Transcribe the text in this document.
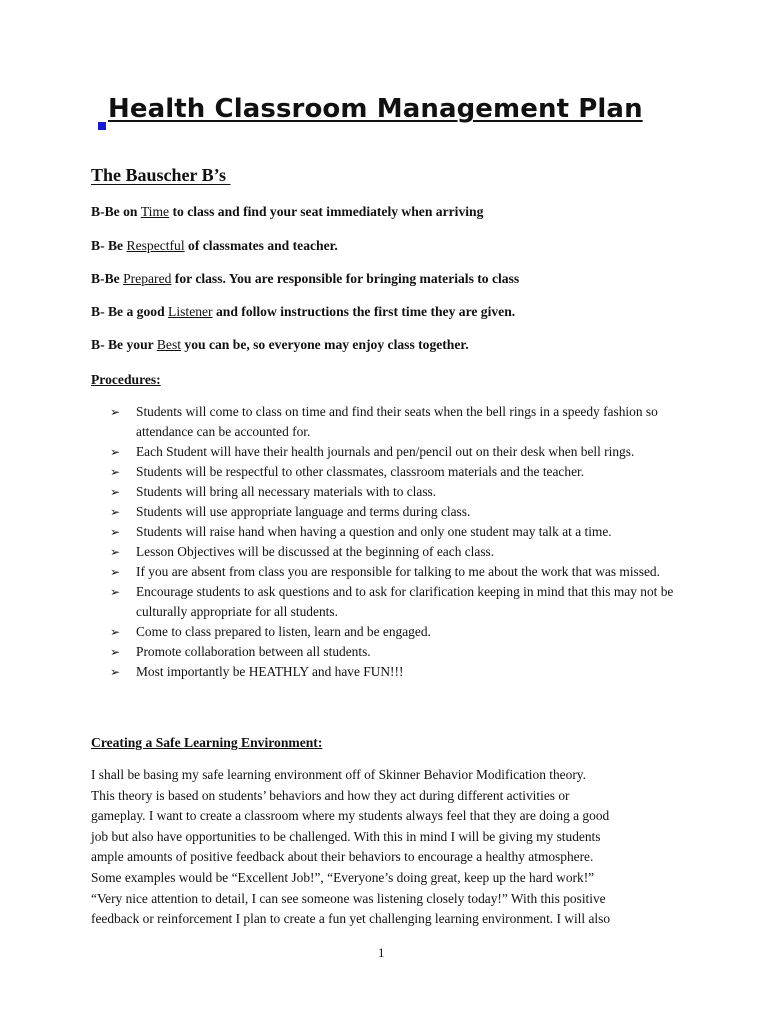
Health Classroom Management Plan
The Bauscher B’s

B-Be on Time to class and find your seat immediately when arriving

B- Be Respectful of classmates and teacher.

B-Be Prepared for class. You are responsible for bringing materials to class

B- Be a good Listener and follow instructions the first time they are given.

B- Be your Best you can be, so everyone may enjoy class together.

Procedures:
➢ Students will come to class on time and find their seats when the bell rings in a speedy fashion so attendance can be accounted for.
➢ Each Student will have their health journals and pen/pencil out on their desk when bell rings.
➢ Students will be respectful to other classmates, classroom materials and the teacher.
➢ Students will bring all necessary materials with to class.
➢ Students will use appropriate language and terms during class.
➢ Students will raise hand when having a question and only one student may talk at a time.
➢ Lesson Objectives will be discussed at the beginning of each class.
➢ If you are absent from class you are responsible for talking to me about the work that was missed.
➢ Encourage students to ask questions and to ask for clarification keeping in mind that this may not be culturally appropriate for all students.
➢ Come to class prepared to listen, learn and be engaged.
➢ Promote collaboration between all students.
➢ Most importantly be HEATHLY and have FUN!!!
Creating a Safe Learning Environment:
I shall be basing my safe learning environment off of Skinner Behavior Modification theory.
This theory is based on students’ behaviors and how they act during different activities or
gameplay. I want to create a classroom where my students always feel that they are doing a good
job but also have opportunities to be challenged. With this in mind I will be giving my students
ample amounts of positive feedback about their behaviors to encourage a healthy atmosphere.
Some examples would be “Excellent Job!”, “Everyone’s doing great, keep up the hard work!”
“Very nice attention to detail, I can see someone was listening closely today!” With this positive
feedback or reinforcement I plan to create a fun yet challenging learning environment. I will also

1
